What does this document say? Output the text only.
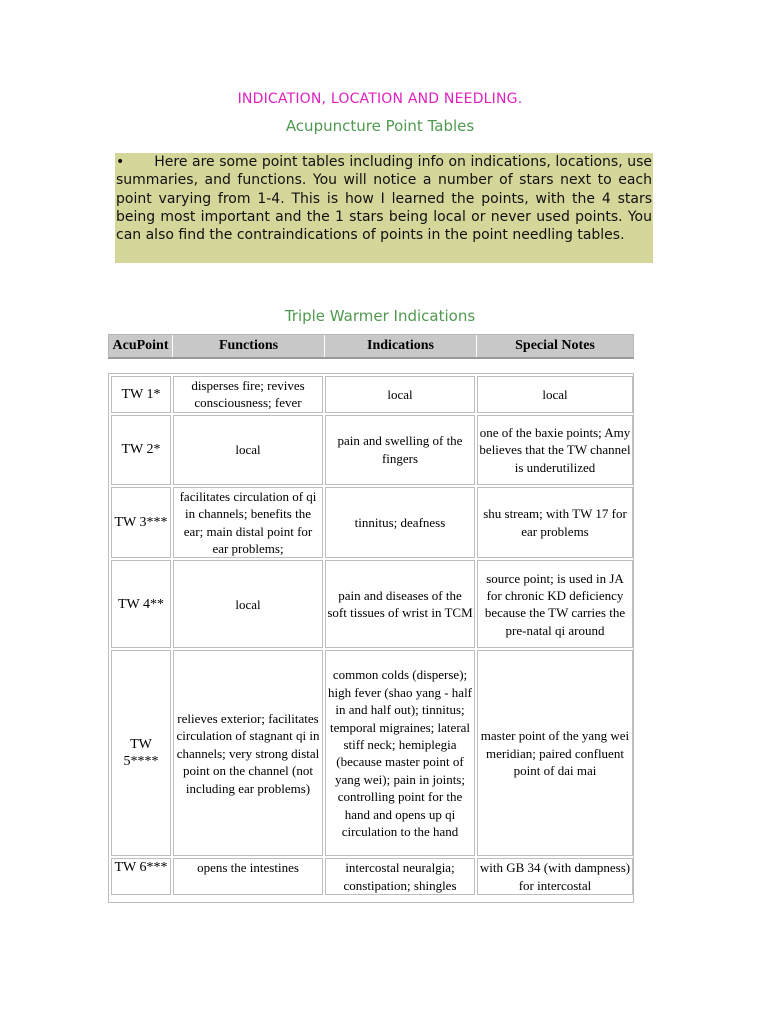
INDICATION, LOCATION AND NEEDLING.
Acupuncture Point Tables
• Here are some point tables including info on indications, locations, use summaries, and functions. You will notice a number of stars next to each point varying from 1-4. This is how I learned the points, with the 4 stars being most important and the 1 stars being local or never used points. You can also find the contraindications of points in the point needling tables.
Triple Warmer Indications
AcuPoint	Functions	Indications	Special Notes
TW 1*	disperses fire; revives consciousness; fever	local	local
TW 2*	local	pain and swelling of the fingers	one of the baxie points; Amy believes that the TW channel is underutilized
TW 3***	facilitates circulation of qi in channels; benefits the ear; main distal point for ear problems;	tinnitus; deafness	shu stream; with TW 17 for ear problems
TW 4**	local	pain and diseases of the soft tissues of wrist in TCM	source point; is used in JA for chronic KD deficiency because the TW carries the pre-natal qi around
TW 5****	relieves exterior; facilitates circulation of stagnant qi in channels; very strong distal point on the channel (not including ear problems)	common colds (disperse); high fever (shao yang - half in and half out); tinnitus; temporal migraines; lateral stiff neck; hemiplegia (because master point of yang wei); pain in joints; controlling point for the hand and opens up qi circulation to the hand	master point of the yang wei meridian; paired confluent point of dai mai
TW 6***	opens the intestines	intercostal neuralgia; constipation; shingles	with GB 34 (with dampness) for intercostal
